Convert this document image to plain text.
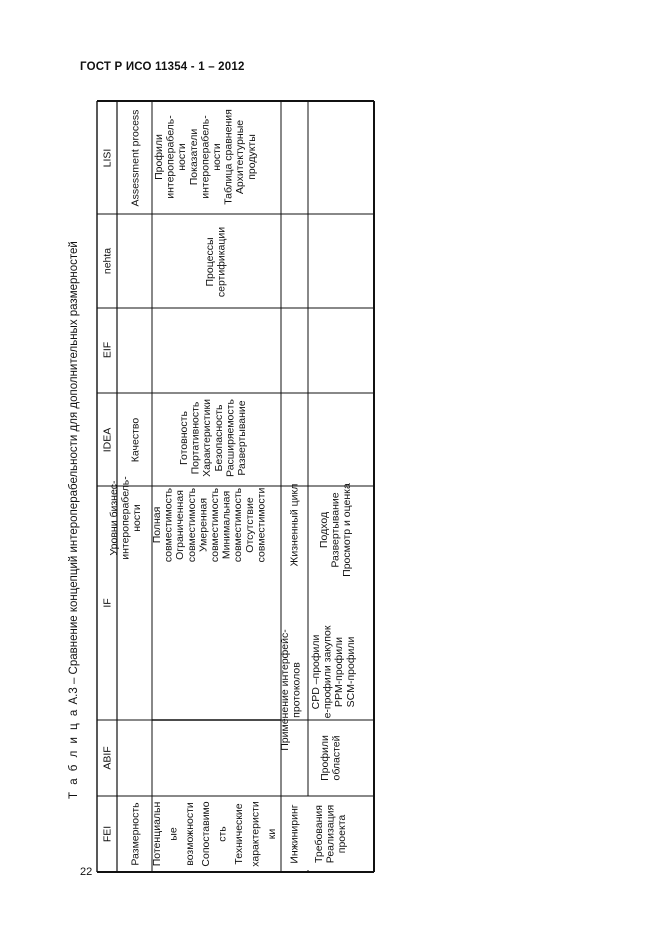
ГОСТ Р ИСО 11354 - 1 – 2012
22
Т а б л и ц а А.3 – Сравнение концепций интероперабельности для дополнительных размерностей
FEI
ABIF
IF
IDEA
EIF
nehta
LISI
Размерность
Уровни бизнес- интероперабель- ности
Качество
Assessment process
Потенциальн ые возможности Сопоставимо сть Технические характеристи ки
Полная совместимость Ограниченная совместимость Умеренная совместимость Минимальная совместимость Отсутствие совместимости
Готовность Портативность Характеристики Безопасность Расширяемость Развертывание
Процессы сертификации
Профили интероперабель- ности Показатели интероперабель- ности Таблица сравнения Архитектурные продукты
Инжиниринг
Применение интерфейс- протоколов
Жизненный цикл
Требования Реализация проекта
Профили областей
CPD –профили е-профили закупок PPM-профили SCM-профили
Подход Развертывание Просмотр и оценка
